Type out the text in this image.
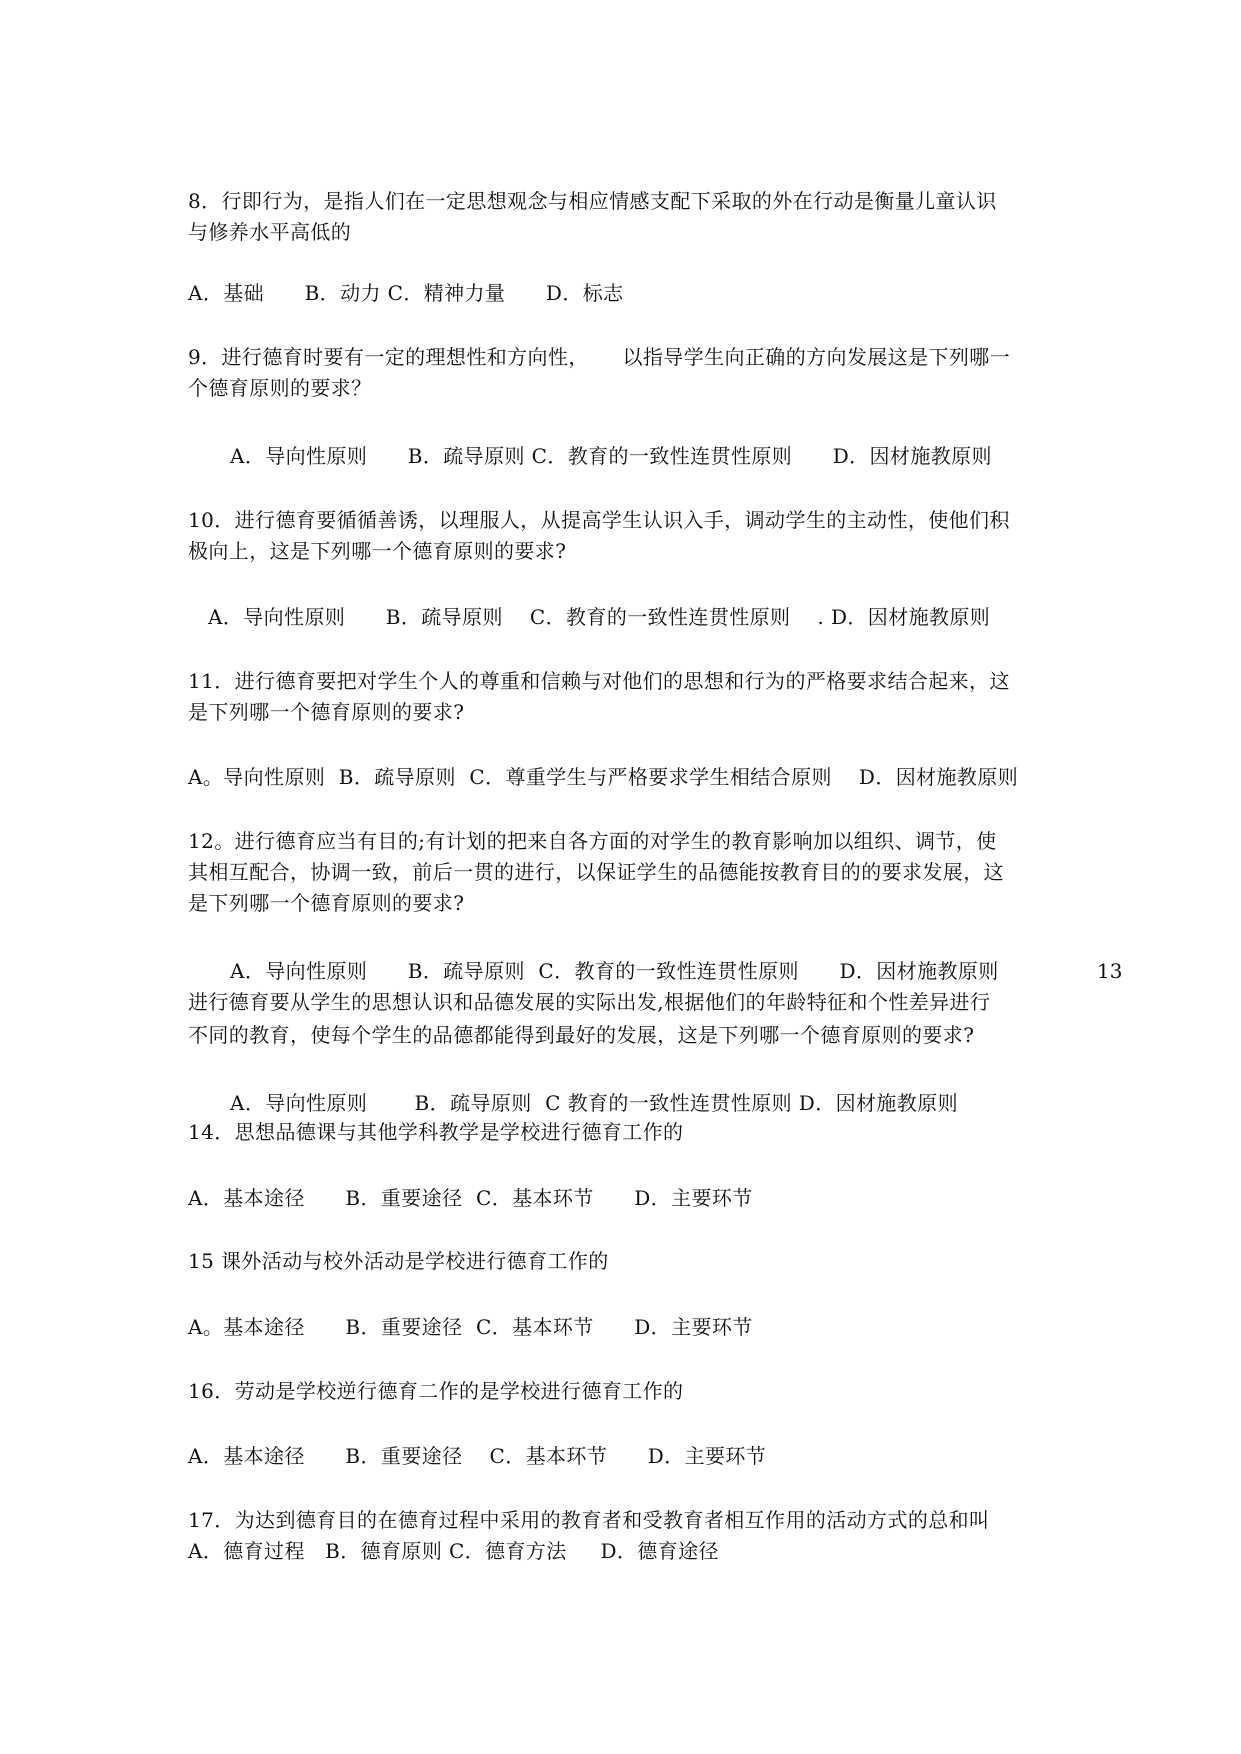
8．行即行为，是指人们在一定思想观念与相应情感支配下采取的外在行动是衡量儿童认识
与修养水平高低的
A．基础      B．动力 C．精神力量      D．标志
9．进行德育时要有一定的理想性和方向性，     以指导学生向正确的方向发展这是下列哪一
个德育原则的要求？
A．导向性原则      B．疏导原则 C．教育的一致性连贯性原则      D．因材施教原则
10．进行德育要循循善诱，以理服人，从提高学生认识入手，调动学生的主动性，使他们积
极向上，这是下列哪一个德育原则的要求?
A．导向性原则      B．疏导原则    C．教育的一致性连贯性原则    . D．因材施教原则
11．进行德育要把对学生个人的尊重和信赖与对他们的思想和行为的严格要求结合起来，这
是下列哪一个德育原则的要求?
A。导向性原则  B．疏导原则  C．尊重学生与严格要求学生相结合原则    D．因材施教原则
12。进行德育应当有目的;有计划的把来自各方面的对学生的教育影响加以组织、调节，使
其相互配合，协调一致，前后一贯的进行，以保证学生的品德能按教育目的的要求发展，这
是下列哪一个德育原则的要求?
A．导向性原则      B．疏导原则  C．教育的一致性连贯性原则      D．因材施教原则	13
进行德育要从学生的思想认识和品德发展的实际出发,根据他们的年龄特征和个性差异进行
不同的教育，使每个学生的品德都能得到最好的发展，这是下列哪一个德育原则的要求?
A．导向性原则       B．疏导原则  C 教育的一致性连贯性原则 D．因材施教原则
14．思想品德课与其他学科教学是学校进行德育工作的
A．基本途径      B．重要途径  C．基本环节      D．主要环节
15 课外活动与校外活动是学校进行德育工作的
A。基本途径      B．重要途径  C．基本环节      D．主要环节
16．劳动是学校逆行德育二作的是学校进行德育工作的
A．基本途径      B．重要途径    C．基本环节      D．主要环节
17．为达到德育目的在德育过程中采用的教育者和受教育者相互作用的活动方式的总和叫
A．德育过程   B．德育原则 C．德育方法     D．德育途径
